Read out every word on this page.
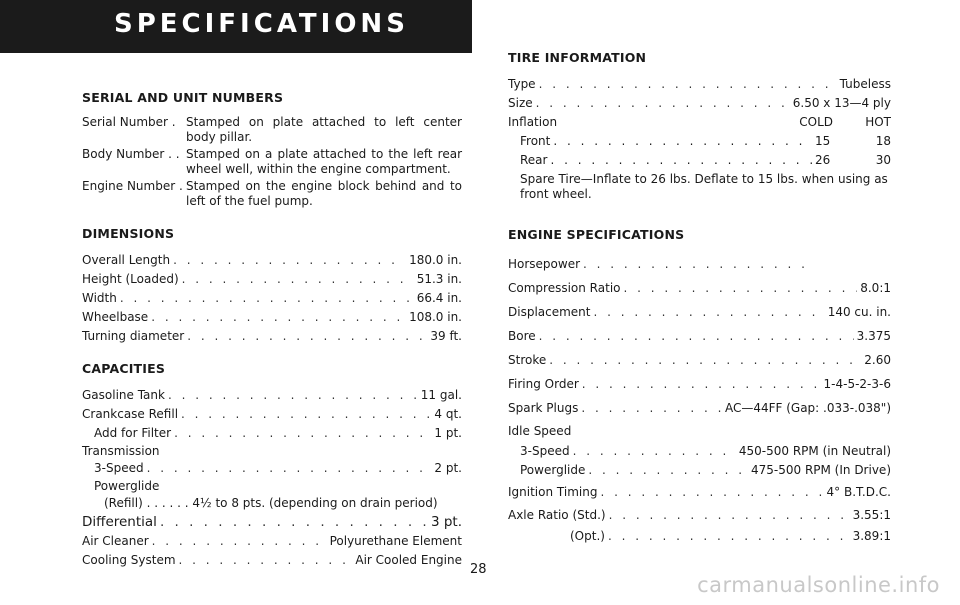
SPECIFICATIONS
SERIAL AND UNIT NUMBERS
Serial Number . Stamped on plate attached to left center body pillar.
Body Number . . Stamped on a plate attached to the left rear wheel well, within the engine compartment.
Engine Number . Stamped on the engine block behind and to left of the fuel pump.
DIMENSIONS
Overall Length . . .	180.0 in.
Height (Loaded) . . .	51.3 in.
Width . . .	66.4 in.
Wheelbase . . .	108.0 in.
Turning diameter . . .	39 ft.
CAPACITIES
Gasoline Tank . . .	11 gal.
Crankcase Refill . . .	4 qt.
Add for Filter . . .	1 pt.
Transmission
3-Speed . . .	2 pt.
Powerglide
(Refill) . . . . . .
4½ to 8 pts. (depending on drain period)
Differential . . .	3 pt.
Air Cleaner . . .	Polyurethane Element
Cooling System . . .	Air Cooled Engine
TIRE INFORMATION
Type . . .	Tubeless
Size . . .	6.50 x 13—4 ply
Inflation	COLD	HOT
Front . . .	15	18
Rear . . .	26	30
Spare Tire—Inflate to 26 lbs. Deflate to 15 lbs. when using as front wheel.
ENGINE SPECIFICATIONS
Horsepower
. . .
Compression Ratio . . .	8.0:1
Displacement . . .	140 cu. in.
Bore . . .	3.375
Stroke . . .	2.60
Firing Order . . .	1-4-5-2-3-6
Spark Plugs . . .	AC—44FF (Gap: .033-.038")
Idle Speed
3-Speed . . .	450-500 RPM (in Neutral)
Powerglide . . .	475-500 RPM (In Drive)
Ignition Timing . . .	4° B.T.D.C.
Axle Ratio (Std.) . . .	3.55:1
(Opt.) . . .	3.89:1
28
carmanualsonline.info
